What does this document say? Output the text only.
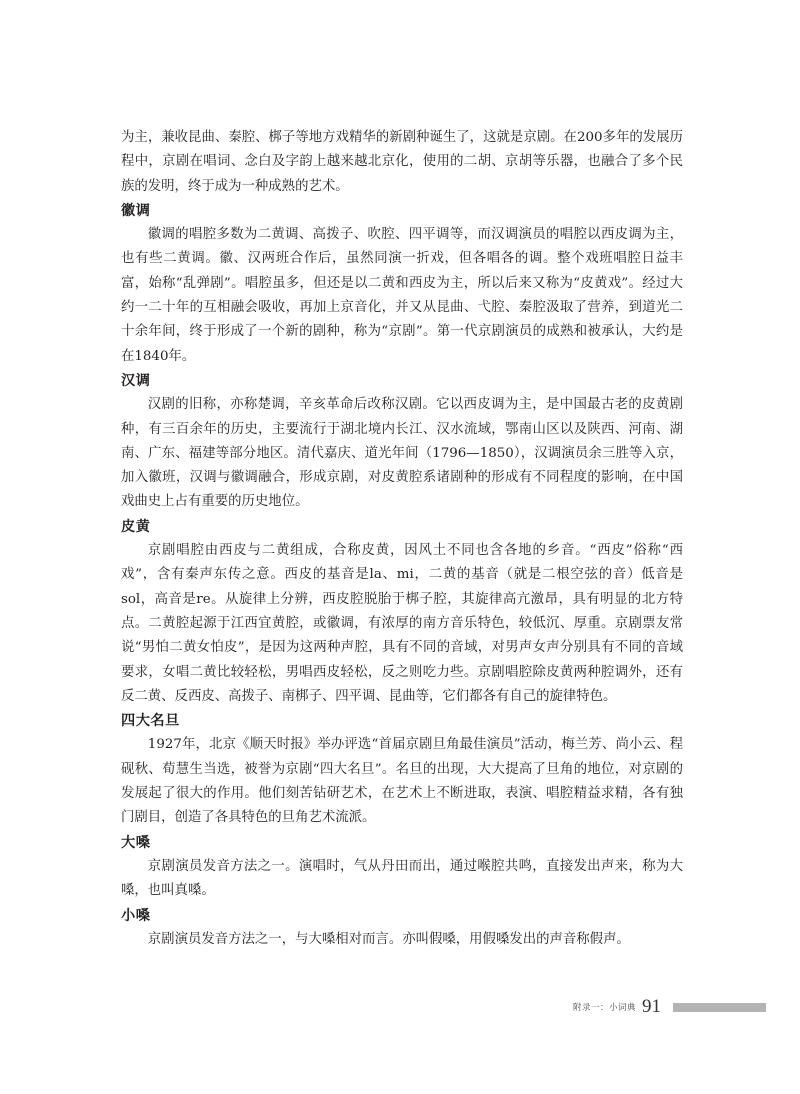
为主，兼收昆曲、秦腔、梆子等地方戏精华的新剧种诞生了，这就是京剧。在200多年的发展历程中，京剧在唱词、念白及字韵上越来越北京化，使用的二胡、京胡等乐器，也融合了多个民族的发明，终于成为一种成熟的艺术。

徽调

徽调的唱腔多数为二黄调、高拨子、吹腔、四平调等，而汉调演员的唱腔以西皮调为主，也有些二黄调。徽、汉两班合作后，虽然同演一折戏，但各唱各的调。整个戏班唱腔日益丰富，始称“乱弹剧”。唱腔虽多，但还是以二黄和西皮为主，所以后来又称为“皮黄戏”。经过大约一二十年的互相融会吸收，再加上京音化，并又从昆曲、弋腔、秦腔汲取了营养，到道光二十余年间，终于形成了一个新的剧种，称为“京剧”。第一代京剧演员的成熟和被承认，大约是在1840年。

汉调

汉剧的旧称，亦称楚调，辛亥革命后改称汉剧。它以西皮调为主，是中国最古老的皮黄剧种，有三百余年的历史，主要流行于湖北境内长江、汉水流域，鄂南山区以及陕西、河南、湖南、广东、福建等部分地区。清代嘉庆、道光年间（1796—1850），汉调演员余三胜等入京，加入徽班，汉调与徽调融合，形成京剧，对皮黄腔系诸剧种的形成有不同程度的影响，在中国戏曲史上占有重要的历史地位。

皮黄

京剧唱腔由西皮与二黄组成，合称皮黄，因风土不同也含各地的乡音。“西皮”俗称“西戏”，含有秦声东传之意。西皮的基音是la、mi，二黄的基音（就是二根空弦的音）低音是sol，高音是re。从旋律上分辨，西皮腔脱胎于梆子腔，其旋律高亢激昂，具有明显的北方特点。二黄腔起源于江西宜黄腔，或徽调，有浓厚的南方音乐特色，较低沉、厚重。京剧票友常说“男怕二黄女怕皮”，是因为这两种声腔，具有不同的音域，对男声女声分别具有不同的音域要求，女唱二黄比较轻松，男唱西皮轻松，反之则吃力些。京剧唱腔除皮黄两种腔调外，还有反二黄、反西皮、高拨子、南梆子、四平调、昆曲等，它们都各有自己的旋律特色。

四大名旦

1927年，北京《顺天时报》举办评选“首届京剧旦角最佳演员”活动，梅兰芳、尚小云、程砚秋、荀慧生当选，被誉为京剧“四大名旦”。名旦的出现，大大提高了旦角的地位，对京剧的发展起了很大的作用。他们刻苦钻研艺术，在艺术上不断进取，表演、唱腔精益求精，各有独门剧目，创造了各具特色的旦角艺术流派。

大嗓

京剧演员发音方法之一。演唱时，气从丹田而出，通过喉腔共鸣，直接发出声来，称为大嗓，也叫真嗓。

小嗓

京剧演员发音方法之一，与大嗓相对而言。亦叫假嗓，用假嗓发出的声音称假声。

附录一：小词典 91
